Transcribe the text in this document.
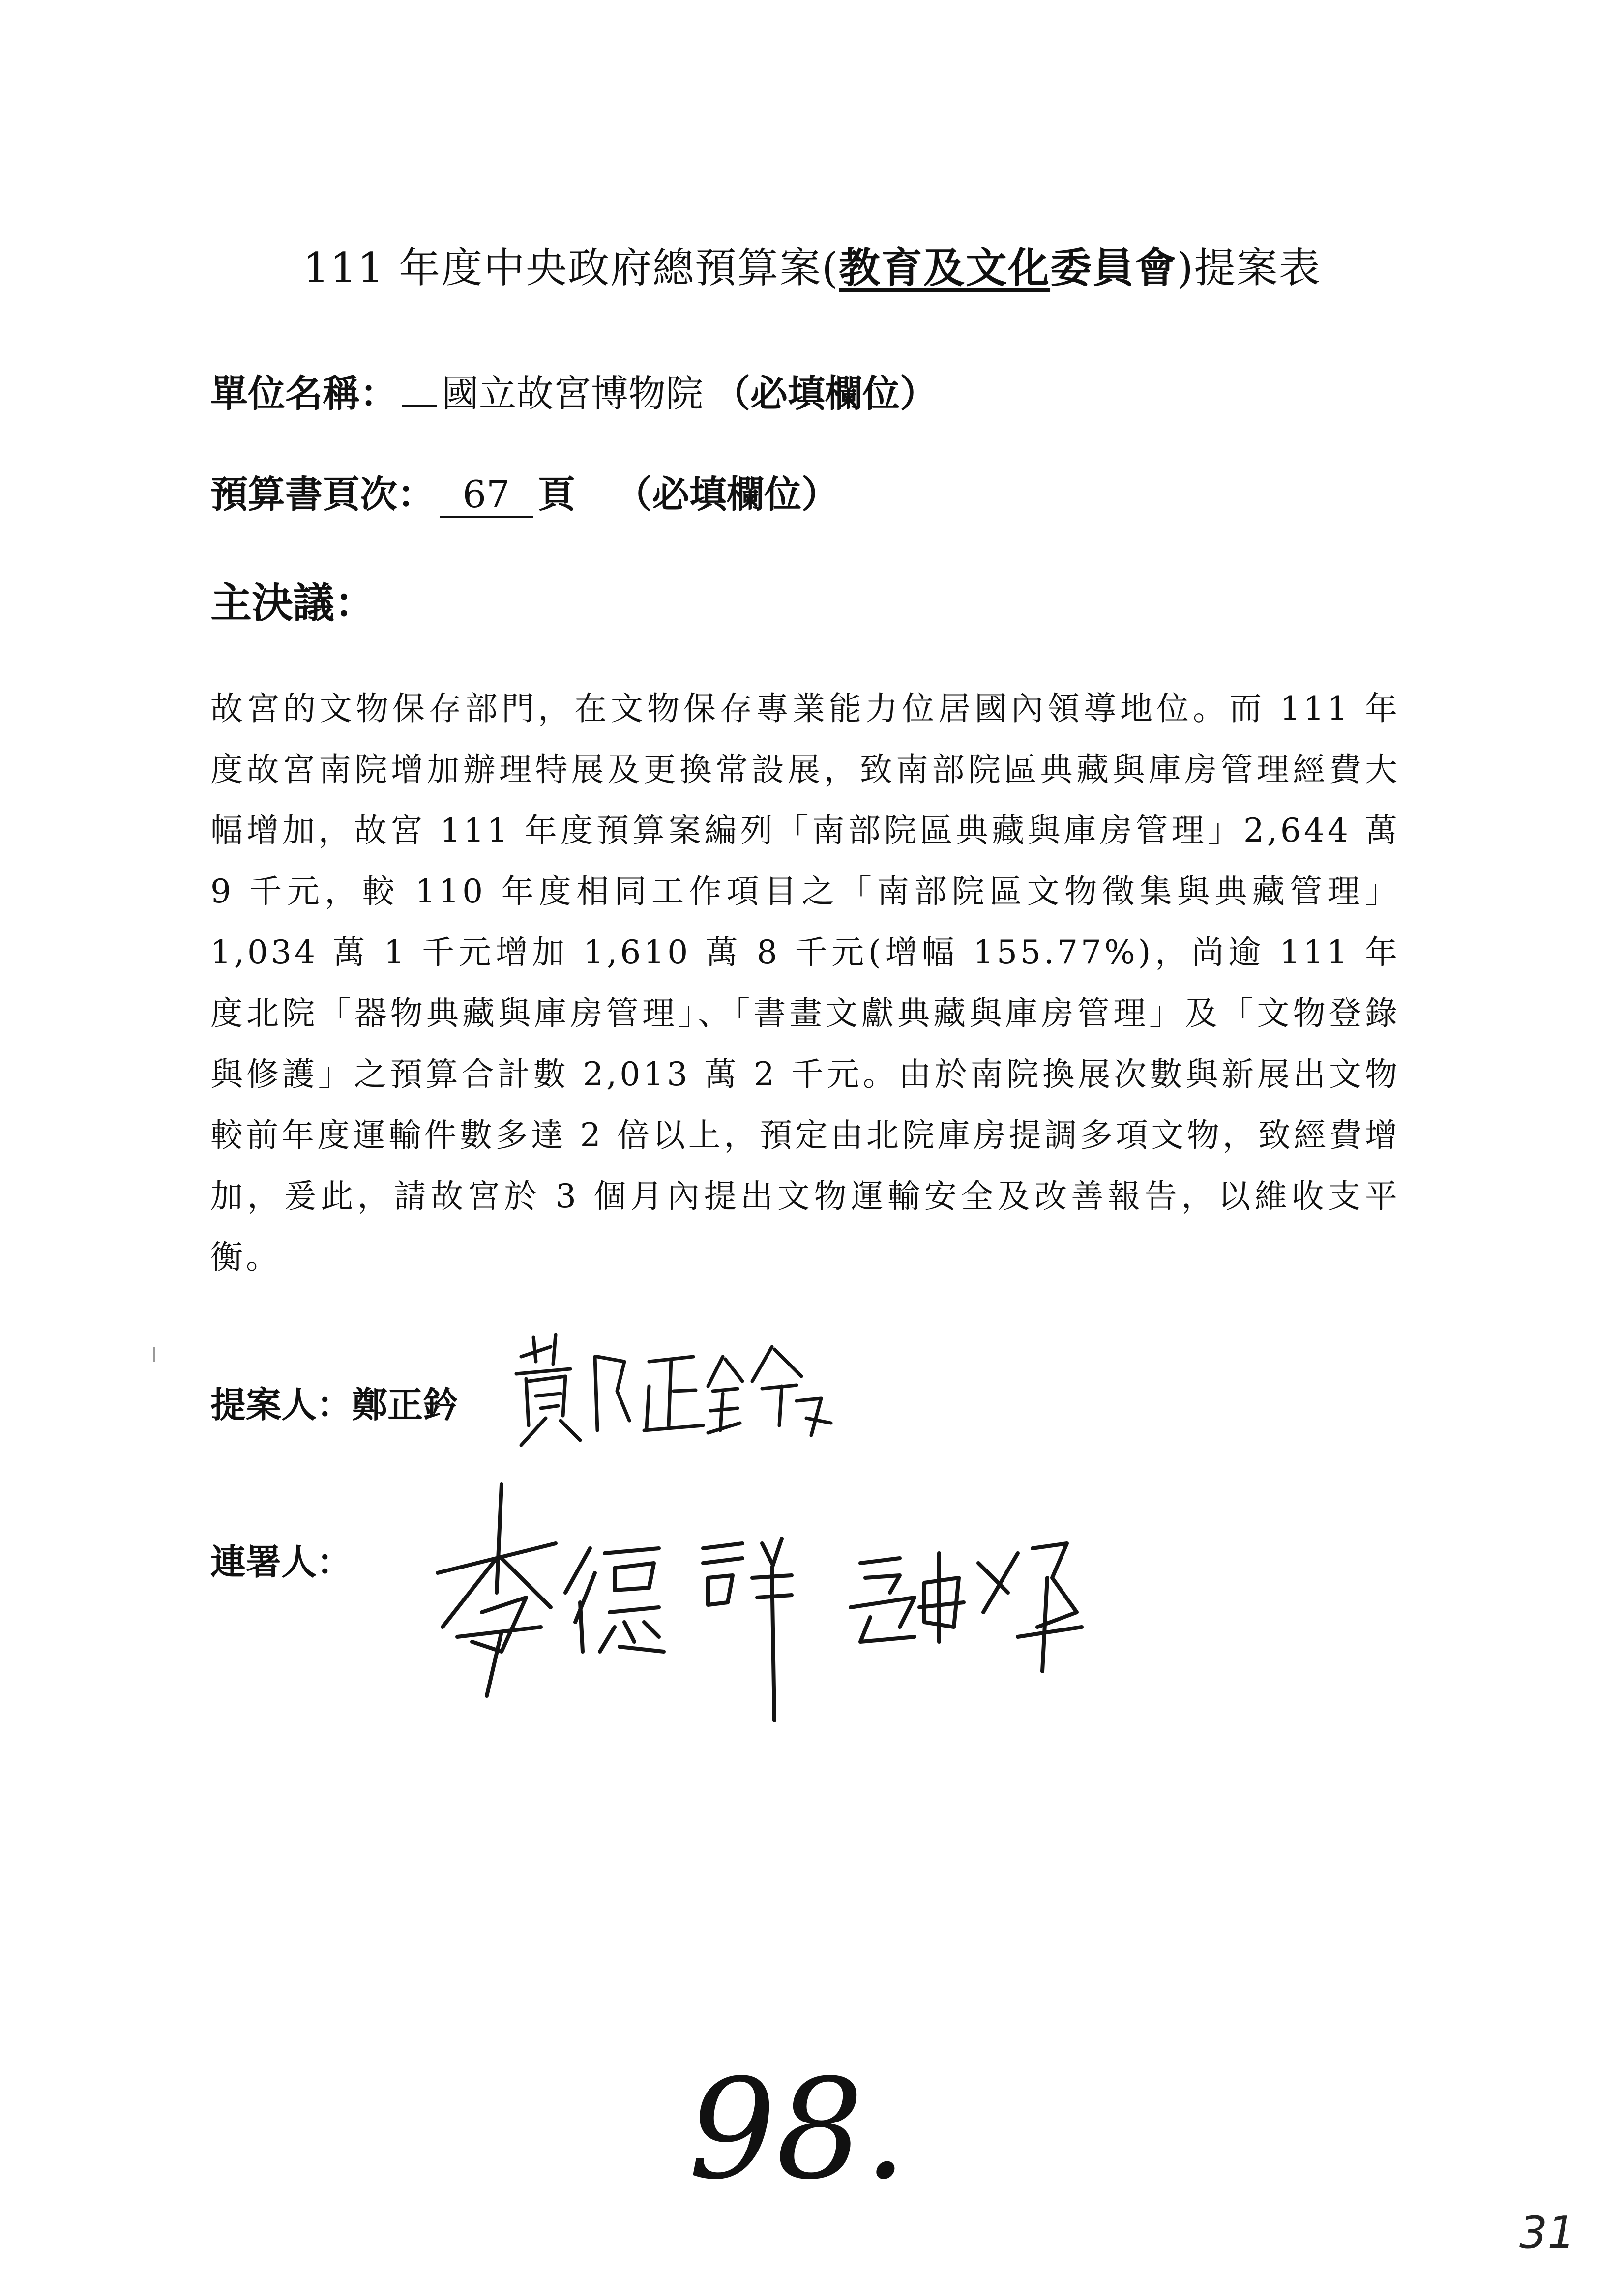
111 年度中央政府總預算案(教育及文化委員會)提案表
單位名稱： 國立故宮博物院 （必填欄位）
預算書頁次： 67 頁 （必填欄位）
主決議：
故宮的文物保存部門，在文物保存專業能力位居國內領導地位。而 111 年度故宮南院增加辦理特展及更換常設展，致南部院區典藏與庫房管理經費大幅增加，故宮 111 年度預算案編列「南部院區典藏與庫房管理」2,644 萬 9 千元，較 110 年度相同工作項目之「南部院區文物徵集與典藏管理」1,034 萬 1 千元增加 1,610 萬 8 千元(增幅 155.77%)，尚逾 111 年度北院「器物典藏與庫房管理」、「書畫文獻典藏與庫房管理」及「文物登錄與修護」之預算合計數 2,013 萬 2 千元。由於南院換展次數與新展出文物較前年度運輸件數多達 2 倍以上，預定由北院庫房提調多項文物，致經費增加，爰此，請故宮於 3 個月內提出文物運輸安全及改善報告，以維收支平衡。
提案人：鄭正鈐
連署人：
98.
31
